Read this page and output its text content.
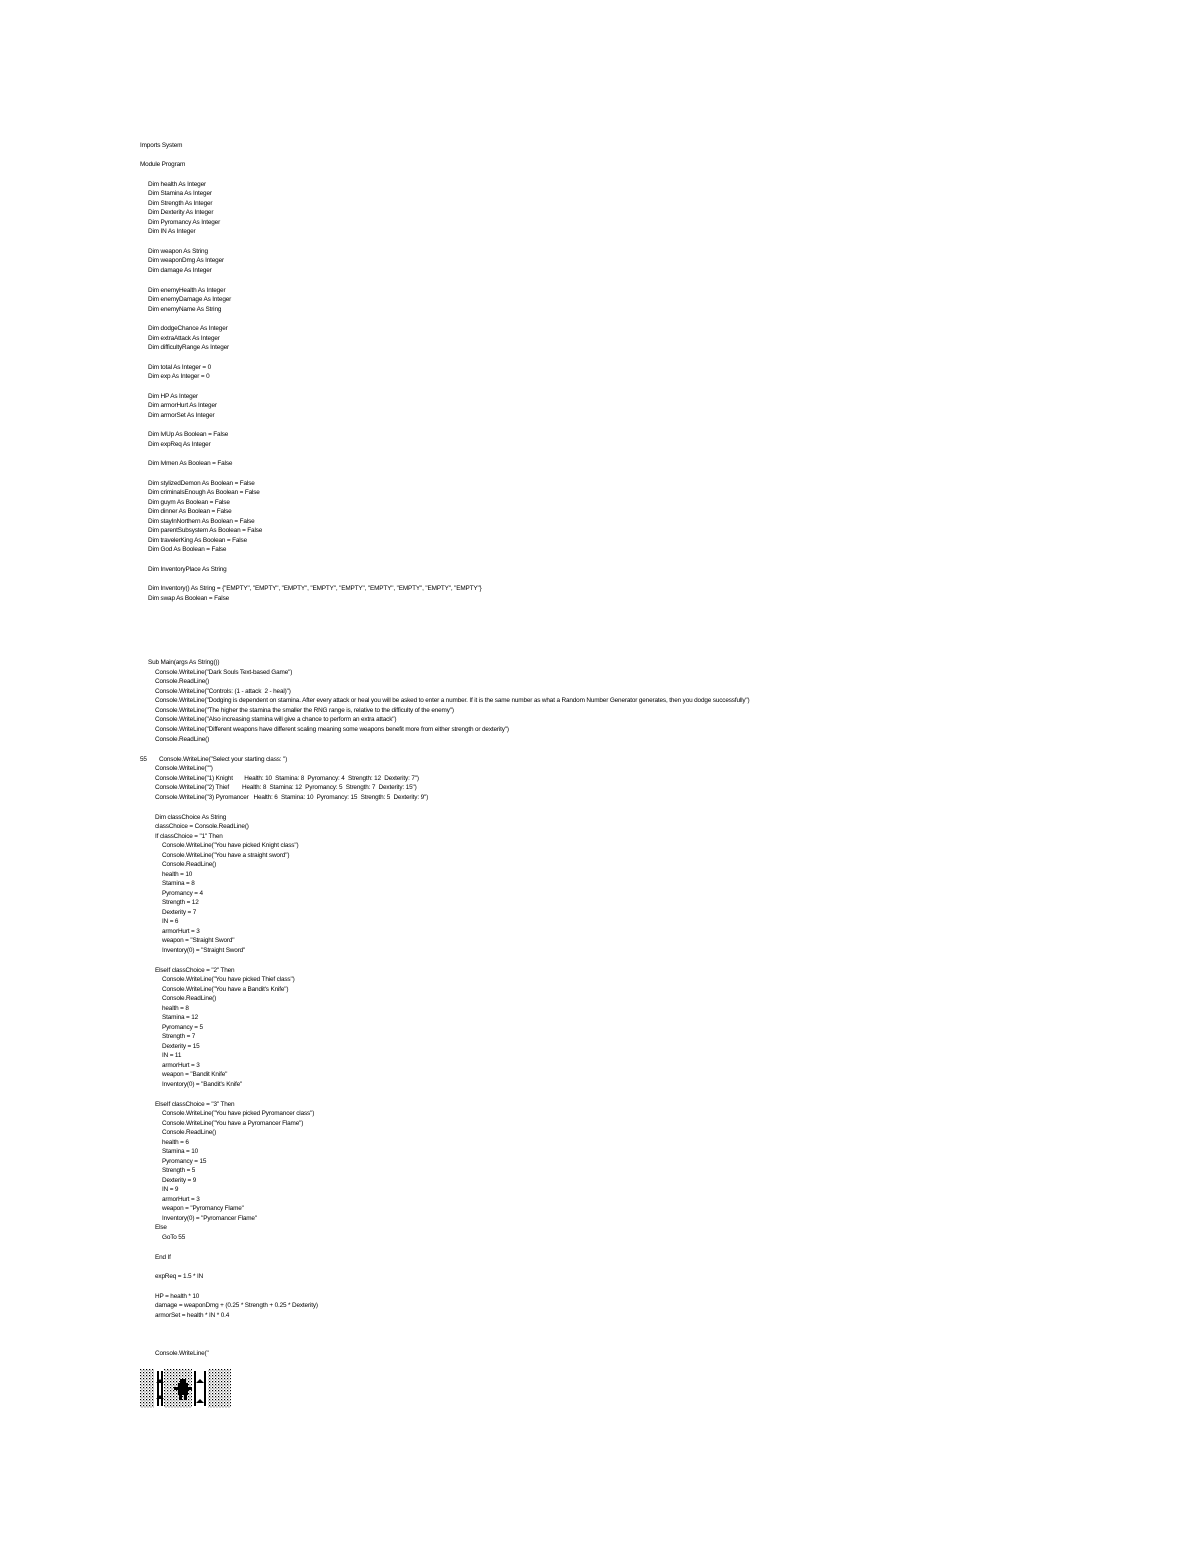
Imports System
Module Program
Dim health As Integer
Dim Stamina As Integer
Dim Strength As Integer
Dim Dexterity As Integer
Dim Pyromancy As Integer
Dim IN As Integer
Dim weapon As String
Dim weaponDmg As Integer
Dim damage As Integer
Dim enemyHealth As Integer
Dim enemyDamage As Integer
Dim enemyName As String
Dim dodgeChance As Integer
Dim extraAttack As Integer
Dim difficultyRange As Integer
Dim total As Integer = 0
Dim exp As Integer = 0
Dim HP As Integer
Dim armorHurt As Integer
Dim armorSet As Integer
Dim lvlUp As Boolean = False
Dim expReq As Integer
Dim lvlmen As Boolean = False
Dim stylizedDemon As Boolean = False
Dim criminalsEnough As Boolean = False
Dim guym As Boolean = False
Dim dinner As Boolean = False
Dim stayInNorthern As Boolean = False
Dim parentSubsystem As Boolean = False
Dim travelerKing As Boolean = False
Dim God As Boolean = False
Dim InventoryPlace As String
Dim Inventory() As String = {"EMPTY", "EMPTY", "EMPTY", "EMPTY", "EMPTY", "EMPTY", "EMPTY", "EMPTY", "EMPTY"}
Dim swap As Boolean = False
Sub Main(args As String())
Console.WriteLine("Dark Souls Text-based Game")
Console.ReadLine()
Console.WriteLine("Controls: (1 - attack  2 - heal)")
Console.WriteLine("Dodging is dependent on stamina. After every attack or heal you will be asked to enter a number. If it is the same number as what a Random Number Generator generates, then you dodge successfully")
Console.WriteLine("The higher the stamina the smaller the RNG range is, relative to the difficulty of the enemy")
Console.WriteLine("Also increasing stamina will give a chance to perform an extra attack")
Console.WriteLine("Different weapons have different scaling meaning some weapons benefit more from either strength or dexterity")
Console.ReadLine()
55 Console.WriteLine("Select your starting class: ")
Console.WriteLine("")
Console.WriteLine("1) Knight       Health: 10  Stamina: 8  Pyromancy: 4  Strength: 12  Dexterity: 7")
Console.WriteLine("2) Thief        Health: 8  Stamina: 12  Pyromancy: 5  Strength: 7  Dexterity: 15")
Console.WriteLine("3) Pyromancer   Health: 6  Stamina: 10  Pyromancy: 15  Strength: 5  Dexterity: 9")
Dim classChoice As String
classChoice = Console.ReadLine()
If classChoice = "1" Then
Console.WriteLine("You have picked Knight class")
Console.WriteLine("You have a straight sword")
Console.ReadLine()
health = 10
Stamina = 8
Pyromancy = 4
Strength = 12
Dexterity = 7
IN = 6
armorHurt = 3
weapon = "Straight Sword"
Inventory(0) = "Straight Sword"
ElseIf classChoice = "2" Then
Console.WriteLine("You have picked Thief class")
Console.WriteLine("You have a Bandit's Knife")
Console.ReadLine()
health = 8
Stamina = 12
Pyromancy = 5
Strength = 7
Dexterity = 15
IN = 11
armorHurt = 3
weapon = "Bandit Knife"
Inventory(0) = "Bandit's Knife"
ElseIf classChoice = "3" Then
Console.WriteLine("You have picked Pyromancer class")
Console.WriteLine("You have a Pyromancer Flame")
Console.ReadLine()
health = 6
Stamina = 10
Pyromancy = 15
Strength = 5
Dexterity = 9
IN = 9
armorHurt = 3
weapon = "Pyromancy Flame"
Inventory(0) = "Pyromancer Flame"
Else
GoTo 55
End If
expReq = 1.5 * IN
HP = health * 10
damage = weaponDmg + (0.25 * Strength + 0.25 * Dexterity)
armorSet = health * IN * 0.4
Console.WriteLine("
